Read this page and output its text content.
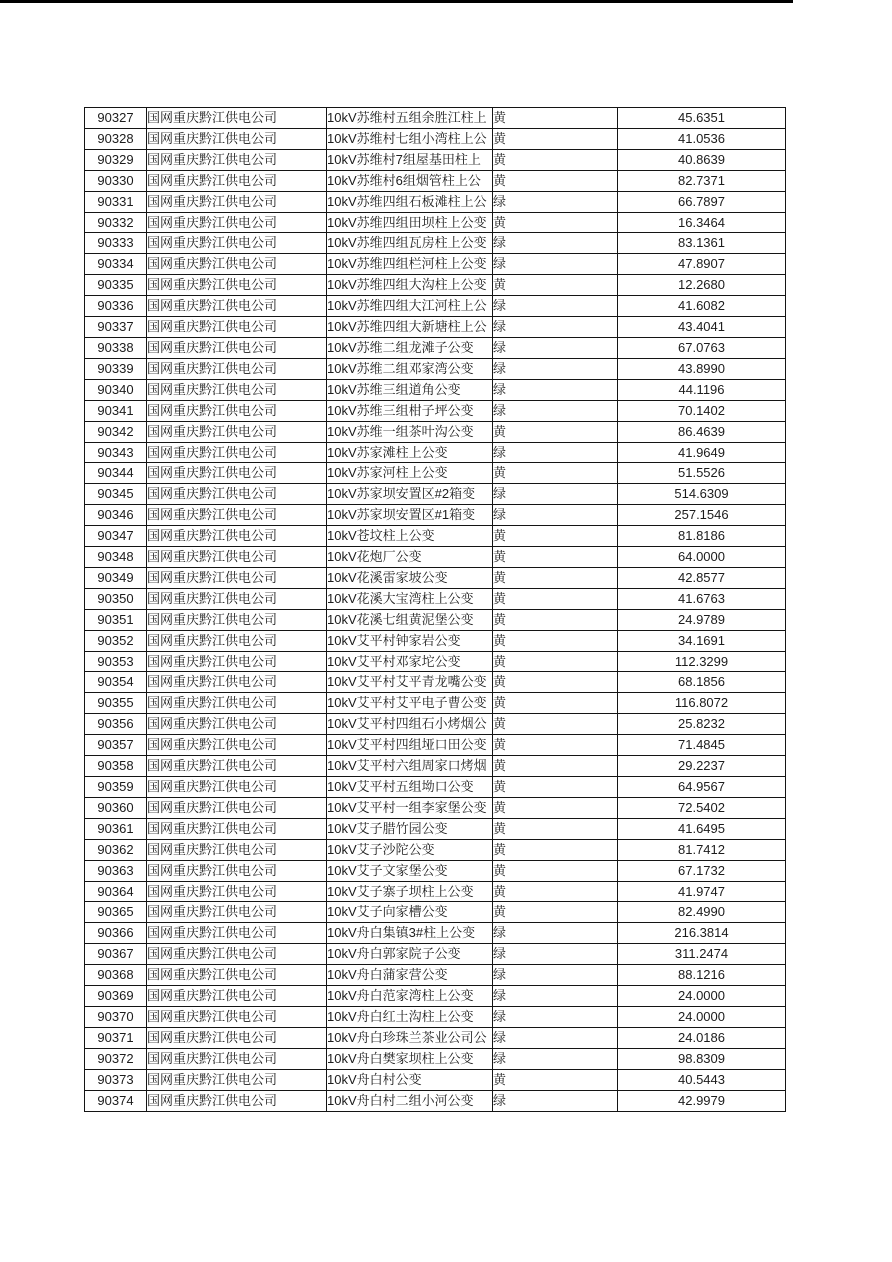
90327	国网重庆黔江供电公司	10kV苏维村五组余胜江柱上	黄	45.6351
90328	国网重庆黔江供电公司	10kV苏维村七组小湾柱上公	黄	41.0536
90329	国网重庆黔江供电公司	10kV苏维村7组屋基田柱上	黄	40.8639
90330	国网重庆黔江供电公司	10kV苏维村6组烟管柱上公	黄	82.7371
90331	国网重庆黔江供电公司	10kV苏维四组石板滩柱上公	绿	66.7897
90332	国网重庆黔江供电公司	10kV苏维四组田坝柱上公变	黄	16.3464
90333	国网重庆黔江供电公司	10kV苏维四组瓦房柱上公变	绿	83.1361
90334	国网重庆黔江供电公司	10kV苏维四组栏河柱上公变	绿	47.8907
90335	国网重庆黔江供电公司	10kV苏维四组大沟柱上公变	黄	12.2680
90336	国网重庆黔江供电公司	10kV苏维四组大江河柱上公	绿	41.6082
90337	国网重庆黔江供电公司	10kV苏维四组大新塘柱上公	绿	43.4041
90338	国网重庆黔江供电公司	10kV苏维二组龙滩子公变	绿	67.0763
90339	国网重庆黔江供电公司	10kV苏维二组邓家湾公变	绿	43.8990
90340	国网重庆黔江供电公司	10kV苏维三组道角公变	绿	44.1196
90341	国网重庆黔江供电公司	10kV苏维三组柑子坪公变	绿	70.1402
90342	国网重庆黔江供电公司	10kV苏维一组茶叶沟公变	黄	86.4639
90343	国网重庆黔江供电公司	10kV苏家滩柱上公变	绿	41.9649
90344	国网重庆黔江供电公司	10kV苏家河柱上公变	黄	51.5526
90345	国网重庆黔江供电公司	10kV苏家坝安置区#2箱变	绿	514.6309
90346	国网重庆黔江供电公司	10kV苏家坝安置区#1箱变	绿	257.1546
90347	国网重庆黔江供电公司	10kV苍坟柱上公变	黄	81.8186
90348	国网重庆黔江供电公司	10kV花炮厂公变	黄	64.0000
90349	国网重庆黔江供电公司	10kV花溪雷家坡公变	黄	42.8577
90350	国网重庆黔江供电公司	10kV花溪大宝湾柱上公变	黄	41.6763
90351	国网重庆黔江供电公司	10kV花溪七组黄泥堡公变	黄	24.9789
90352	国网重庆黔江供电公司	10kV艾平村钟家岩公变	黄	34.1691
90353	国网重庆黔江供电公司	10kV艾平村邓家坨公变	黄	112.3299
90354	国网重庆黔江供电公司	10kV艾平村艾平青龙嘴公变	黄	68.1856
90355	国网重庆黔江供电公司	10kV艾平村艾平电子曹公变	黄	116.8072
90356	国网重庆黔江供电公司	10kV艾平村四组石小烤烟公	黄	25.8232
90357	国网重庆黔江供电公司	10kV艾平村四组垭口田公变	黄	71.4845
90358	国网重庆黔江供电公司	10kV艾平村六组周家口烤烟	黄	29.2237
90359	国网重庆黔江供电公司	10kV艾平村五组坳口公变	黄	64.9567
90360	国网重庆黔江供电公司	10kV艾平村一组李家堡公变	黄	72.5402
90361	国网重庆黔江供电公司	10kV艾子腊竹园公变	黄	41.6495
90362	国网重庆黔江供电公司	10kV艾子沙陀公变	黄	81.7412
90363	国网重庆黔江供电公司	10kV艾子文家堡公变	黄	67.1732
90364	国网重庆黔江供电公司	10kV艾子寨子坝柱上公变	黄	41.9747
90365	国网重庆黔江供电公司	10kV艾子向家槽公变	黄	82.4990
90366	国网重庆黔江供电公司	10kV舟白集镇3#柱上公变	绿	216.3814
90367	国网重庆黔江供电公司	10kV舟白郭家院子公变	绿	311.2474
90368	国网重庆黔江供电公司	10kV舟白蒲家营公变	绿	88.1216
90369	国网重庆黔江供电公司	10kV舟白范家湾柱上公变	绿	24.0000
90370	国网重庆黔江供电公司	10kV舟白红土沟柱上公变	绿	24.0000
90371	国网重庆黔江供电公司	10kV舟白珍珠兰茶业公司公	绿	24.0186
90372	国网重庆黔江供电公司	10kV舟白樊家坝柱上公变	绿	98.8309
90373	国网重庆黔江供电公司	10kV舟白村公变	黄	40.5443
90374	国网重庆黔江供电公司	10kV舟白村二组小河公变	绿	42.9979
